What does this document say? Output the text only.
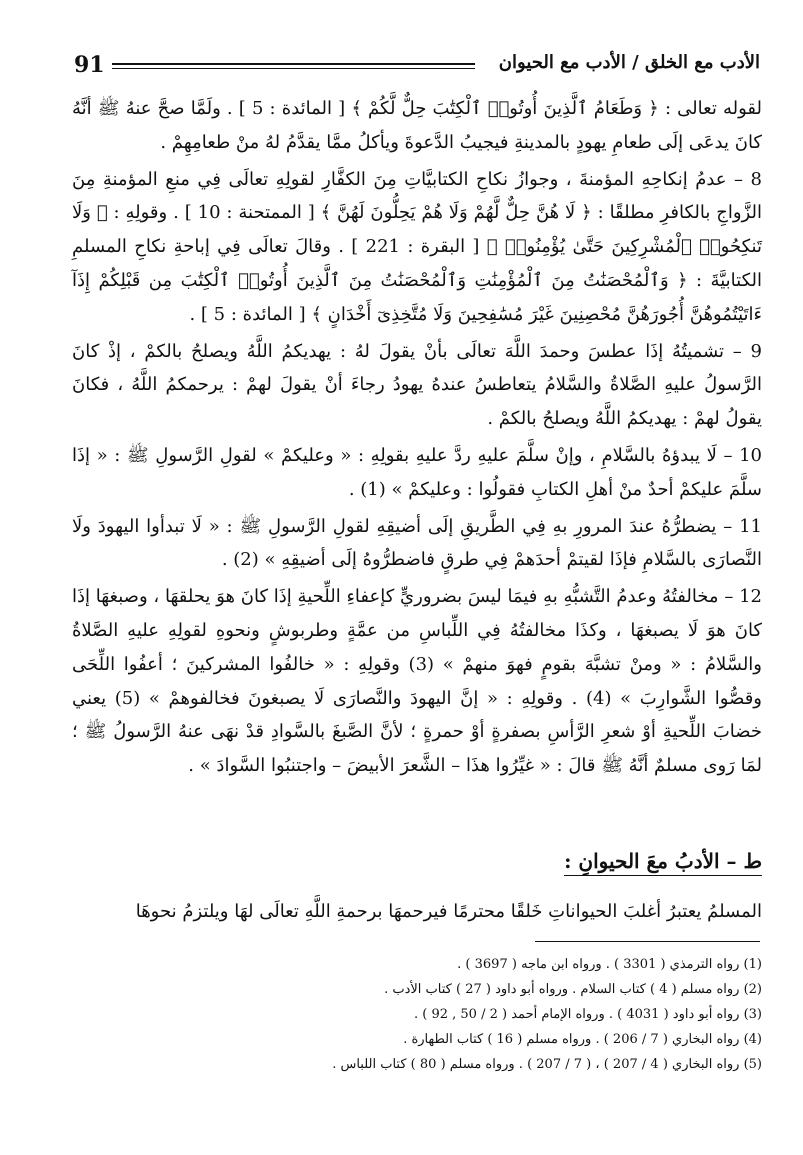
91	الأدب مع الخلق / الأدب مع الحيوان

لقوله تعالى : ﴿ وَطَعَامُ ٱلَّذِينَ أُوتُوا۟ ٱلْكِتَٰبَ حِلٌّ لَّكُمْ ﴾ [ المائدة : 5 ] . ولَمَّا صحَّ عنهُ ﷺ أنَّهُ كانَ يدعَى إلَى طعامِ يهودٍ بالمدينةِ فيجيبُ الدَّعوةَ ويأكلُ ممَّا يقدَّمُ لهُ منْ طعامِهِمْ .

8 – عدمُ إنكاحِهِ المؤمنةَ ، وجوازُ نكاحِ الكتابيَّاتِ مِنَ الكفَّارِ لقولِهِ تعالَى فِي منعِ المؤمنةِ مِنَ الزَّواجِ بالكافرِ مطلقًا : ﴿ لَا هُنَّ حِلٌّ لَّهُمْ وَلَا هُمْ يَحِلُّونَ لَهُنَّ ﴾ [ الممتحنة : 10 ] . وقولِهِ : ﴿ وَلَا تَنكِحُوا۟ ٱلْمُشْرِكِينَ حَتَّىٰ يُؤْمِنُوا۟ ﴾ [ البقرة : 221 ] . وقالَ تعالَى فِي إباحةِ نكاحِ المسلمِ الكتابيَّةَ : ﴿ وَٱلْمُحْصَنَٰتُ مِنَ ٱلْمُؤْمِنَٰتِ وَٱلْمُحْصَنَٰتُ مِنَ ٱلَّذِينَ أُوتُوا۟ ٱلْكِتَٰبَ مِن قَبْلِكُمْ إِذَآ ءَاتَيْتُمُوهُنَّ أُجُورَهُنَّ مُحْصِنِينَ غَيْرَ مُسَٰفِحِينَ وَلَا مُتَّخِذِىٓ أَخْدَانٍ ﴾ [ المائدة : 5 ] .

9 – تشميتُهُ إذَا عطسَ وحمدَ اللَّهَ تعالَى بأنْ يقولَ لهُ : يهديكمُ اللَّهُ ويصلحُ بالكمْ ، إذْ كانَ الرَّسولُ عليهِ الصَّلاةُ والسَّلامُ يتعاطسُ عندهُ يهودُ رجاءَ أنْ يقولَ لهمْ : يرحمكمُ اللَّهُ ، فكانَ يقولُ لهمْ : يهديكمُ اللَّهُ ويصلحُ بالكمْ .

10 – لَا يبدؤهُ بالسَّلامِ ، وإنْ سلَّمَ عليهِ ردَّ عليهِ بقولِهِ : « وعليكمْ » لقولِ الرَّسولِ ﷺ : « إذَا سلَّمَ عليكمْ أحدٌ منْ أهلِ الكتابِ فقولُوا : وعليكمْ » (1) .

11 – يضطرُّهُ عندَ المرورِ بهِ فِي الطَّريقِ إلَى أضيقِهِ لقولِ الرَّسولِ ﷺ : « لَا تبدأوا اليهودَ ولَا النَّصارَى بالسَّلامِ فإذَا لقيتمْ أحدَهمْ فِي طرقٍ فاضطرُّوهُ إلَى أضيقِهِ » (2) .

12 – مخالفتُهُ وعدمُ التَّشبُّهِ بهِ فيمَا ليسَ بضروريٍّ كإعفاءِ اللِّحيةِ إذَا كانَ هوَ يحلقهَا ، وصبغهَا إذَا كانَ هوَ لَا يصبغهَا ، وكذَا مخالفتُهُ فِي اللِّباسِ من عمَّةٍ وطربوشٍ ونحوهِ لقولِهِ عليهِ الصَّلاةُ والسَّلامُ : « ومنْ تشبَّهَ بقومٍ فهوَ منهمْ » (3) وقولِهِ : « خالفُوا المشركينَ ؛ أعفُوا اللِّحَى وقصُّوا الشَّوارِبَ » (4) . وقولِهِ : « إنَّ اليهودَ والنَّصارَى لَا يصبغونَ فخالفوهمْ » (5) يعني خضابَ اللِّحيةِ أوْ شعرِ الرَّأسِ بصفرةٍ أوْ حمرةٍ ؛ لأنَّ الصَّبغَ بالسَّوادِ قدْ نهَى عنهُ الرَّسولُ ﷺ ؛ لمَا رَوى مسلمٌ أنَّهُ ﷺ قالَ : « غيِّرُوا هذَا – الشَّعرَ الأبيضَ – واجتنبُوا السَّوادَ » .

ط – الأدبُ معَ الحيوانِ :
المسلمُ يعتبرُ أغلبَ الحيواناتِ خَلقًا محترمًا فيرحمهَا برحمةِ اللَّهِ تعالَى لهَا ويلتزمُ نحوهَا
(1) رواه الترمذي ( 3301 ) . ورواه ابن ماجه ( 3697 ) .
(2) رواه مسلم ( 4 ) كتاب السلام . ورواه أبو داود ( 27 ) كتاب الأدب .
(3) رواه أبو داود ( 4031 ) . ورواه الإمام أحمد ( 2 / 50 , 92 ) .
(4) رواه البخاري ( 7 / 206 ) . ورواه مسلم ( 16 ) كتاب الطهارة .
(5) رواه البخاري ( 4 / 207 ) ، ( 7 / 207 ) . ورواه مسلم ( 80 ) كتاب اللباس .
